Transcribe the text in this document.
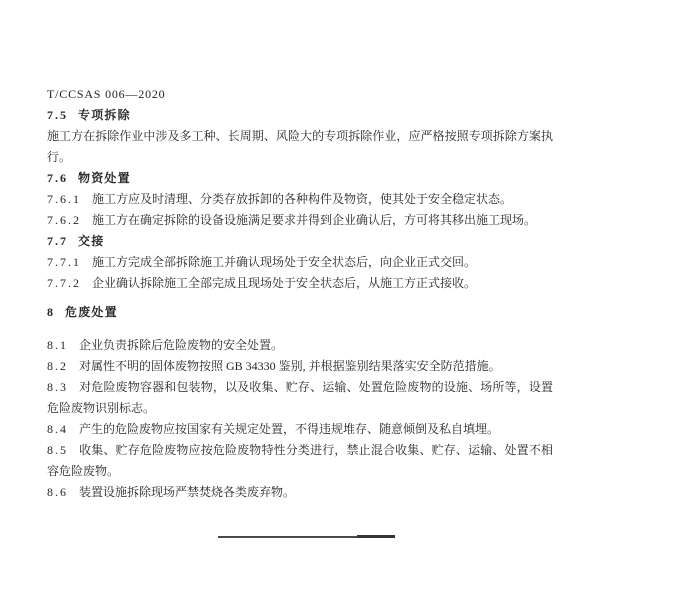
T/CCSAS 006—2020
7.5 专项拆除
施工方在拆除作业中涉及多工种、长周期、风险大的专项拆除作业，应严格按照专项拆除方案执行。
7.6 物资处置
7.6.1 施工方应及时清理、分类存放拆卸的各种构件及物资，使其处于安全稳定状态。
7.6.2 施工方在确定拆除的设备设施满足要求并得到企业确认后，方可将其移出施工现场。
7.7 交接
7.7.1 施工方完成全部拆除施工并确认现场处于安全状态后，向企业正式交回。
7.7.2 企业确认拆除施工全部完成且现场处于安全状态后，从施工方正式接收。
8 危废处置
8.1 企业负责拆除后危险废物的安全处置。
8.2 对属性不明的固体废物按照 GB 34330 鉴别, 并根据鉴别结果落实安全防范措施。
8.3 对危险废物容器和包装物，以及收集、贮存、运输、处置危险废物的设施、场所等，设置危险废物识别标志。
8.4 产生的危险废物应按国家有关规定处置，不得违规堆存、随意倾倒及私自填埋。
8.5 收集、贮存危险废物应按危险废物特性分类进行，禁止混合收集、贮存、运输、处置不相容危险废物。
8.6 装置设施拆除现场严禁焚烧各类废弃物。
